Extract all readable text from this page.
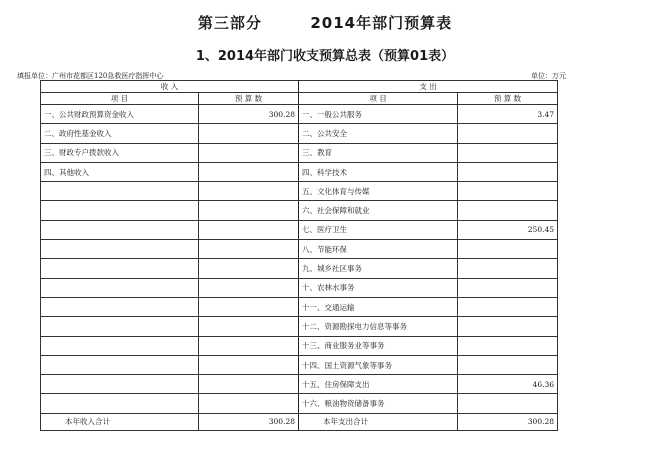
第三部分	2014年部门预算表
1、2014年部门收支预算总表（预算01表）
填报单位：广州市花都区120急救医疗指挥中心	单位：万元
收 入		支 出	
项 目	预 算 数	项 目	预 算 数
一、公共财政预算资金收入	300.28	一、一般公共服务	3.47
二、政府性基金收入		二、公共安全	
三、财政专户拨款收入		三、教育	
四、其他收入		四、科学技术	
		五、文化体育与传媒	
		六、社会保障和就业	
		七、医疗卫生	250.45
		八、节能环保	
		九、城乡社区事务	
		十、农林水事务	
		十一、交通运输	
		十二、资源勘探电力信息等事务	
		十三、商业服务业等事务	
		十四、国土资源气象等事务	
		十五、住房保障支出	46.36
		十六、粮油物资储备事务	
本年收入合计	300.28	本年支出合计	300.28
